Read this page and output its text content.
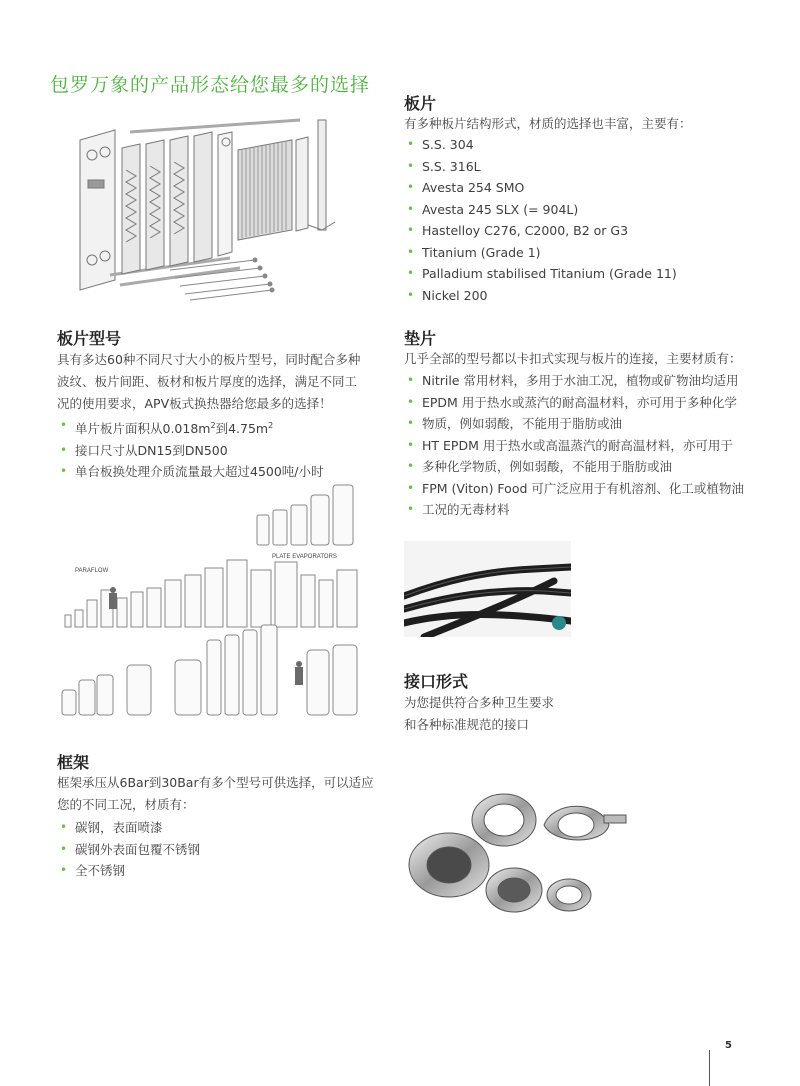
包罗万象的产品形态给您最多的选择
板片型号
具有多达60种不同尺寸大小的板片型号，同时配合多种
波纹、板片间距、板材和板片厚度的选择，满足不同工
况的使用要求，APV板式换热器给您最多的选择！
• 单片板片面积从$0.018m^2$到$4.75m^2$
• 接口尺寸从DN15到DN500
• 单台板换处理介质流量最大超过4500吨/小时
PLATE EVAPORATORS
PARAFLOW
框架
框架承压从6Bar到30Bar有多个型号可供选择，可以适应
您的不同工况，材质有：
• 碳钢，表面喷漆
• 碳钢外表面包覆不锈钢
• 全不锈钢
板片
有多种板片结构形式，材质的选择也丰富，主要有：
• S.S. 304
• S.S. 316L
• Avesta 254 SMO
• Avesta 245 SLX (= 904L)
• Hastelloy C276, C2000, B2 or G3
• Titanium (Grade 1)
• Palladium stabilised Titanium (Grade 11)
• Nickel 200
垫片
几乎全部的型号都以卡扣式实现与板片的连接，主要材质有：
• Nitrile 常用材料，多用于水油工况，植物或矿物油均适用
• EPDM 用于热水或蒸汽的耐高温材料，亦可用于多种化学
• 物质，例如弱酸，不能用于脂肪或油
• HT EPDM 用于热水或高温蒸汽的耐高温材料，亦可用于
• 多种化学物质，例如弱酸，不能用于脂肪或油
• FPM (Viton) Food 可广泛应用于有机溶剂、化工或植物油
• 工况的无毒材料
接口形式
为您提供符合多种卫生要求
和各种标准规范的接口
5
